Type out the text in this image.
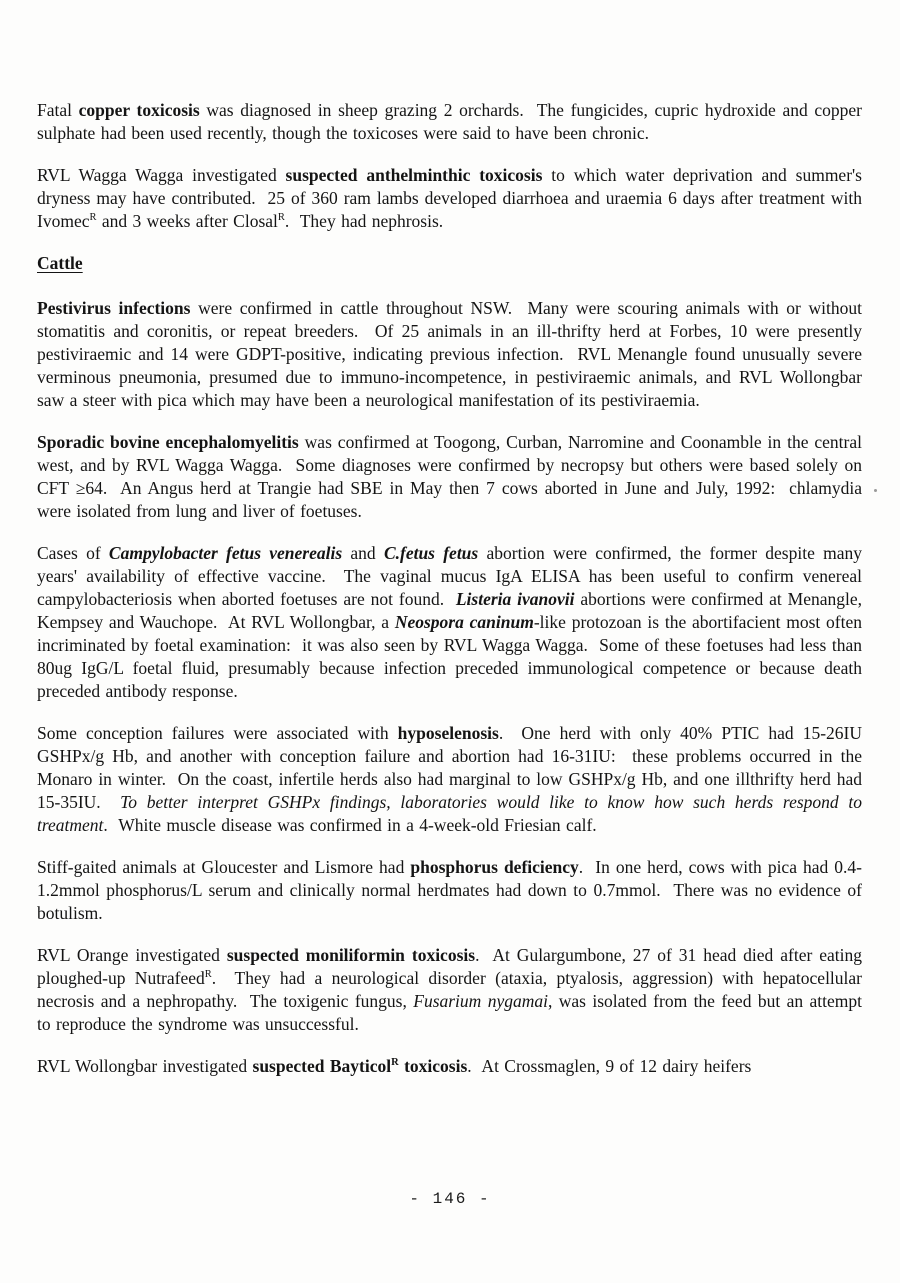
Fatal copper toxicosis was diagnosed in sheep grazing 2 orchards.  The fungicides, cupric hydroxide and copper sulphate had been used recently, though the toxicoses were said to have been chronic.

RVL Wagga Wagga investigated suspected anthelminthic toxicosis to which water deprivation and summer's dryness may have contributed.  25 of 360 ram lambs developed diarrhoea and uraemia 6 days after treatment with Ivomec$^R$ and 3 weeks after Closal$^R$.  They had nephrosis.

Cattle

Pestivirus infections were confirmed in cattle throughout NSW.  Many were scouring animals with or without stomatitis and coronitis, or repeat breeders.  Of 25 animals in an ill-thrifty herd at Forbes, 10 were presently pestiviraemic and 14 were GDPT-positive, indicating previous infection.  RVL Menangle found unusually severe verminous pneumonia, presumed due to immuno-incompetence, in pestiviraemic animals, and RVL Wollongbar saw a steer with pica which may have been a neurological manifestation of its pestiviraemia.

Sporadic bovine encephalomyelitis was confirmed at Toogong, Curban, Narromine and Coonamble in the central west, and by RVL Wagga Wagga.  Some diagnoses were confirmed by necropsy but others were based solely on CFT ≥64.  An Angus herd at Trangie had SBE in May then 7 cows aborted in June and July, 1992:  chlamydia were isolated from lung and liver of foetuses.

Cases of Campylobacter fetus venerealis and C.fetus fetus abortion were confirmed, the former despite many years' availability of effective vaccine.  The vaginal mucus IgA ELISA has been useful to confirm venereal campylobacteriosis when aborted foetuses are not found.  Listeria ivanovii abortions were confirmed at Menangle, Kempsey and Wauchope.  At RVL Wollongbar, a Neospora caninum-like protozoan is the abortifacient most often incriminated by foetal examination:  it was also seen by RVL Wagga Wagga.  Some of these foetuses had less than 80ug IgG/L foetal fluid, presumably because infection preceded immunological competence or because death preceded antibody response.

Some conception failures were associated with hyposelenosis.  One herd with only 40% PTIC had 15-26IU GSHPx/g Hb, and another with conception failure and abortion had 16-31IU:  these problems occurred in the Monaro in winter.  On the coast, infertile herds also had marginal to low GSHPx/g Hb, and one illthrifty herd had 15-35IU.  To better interpret GSHPx findings, laboratories would like to know how such herds respond to treatment.  White muscle disease was confirmed in a 4-week-old Friesian calf.

Stiff-gaited animals at Gloucester and Lismore had phosphorus deficiency.  In one herd, cows with pica had 0.4-1.2mmol phosphorus/L serum and clinically normal herdmates had down to 0.7mmol.  There was no evidence of botulism.

RVL Orange investigated suspected moniliformin toxicosis.  At Gulargumbone, 27 of 31 head died after eating ploughed-up Nutrafeed$^R$.  They had a neurological disorder (ataxia, ptyalosis, aggression) with hepatocellular necrosis and a nephropathy.  The toxigenic fungus, Fusarium nygamai, was isolated from the feed but an attempt to reproduce the syndrome was unsuccessful.

RVL Wollongbar investigated suspected Bayticol$^R$ toxicosis.  At Crossmaglen, 9 of 12 dairy heifers

- 146 -
